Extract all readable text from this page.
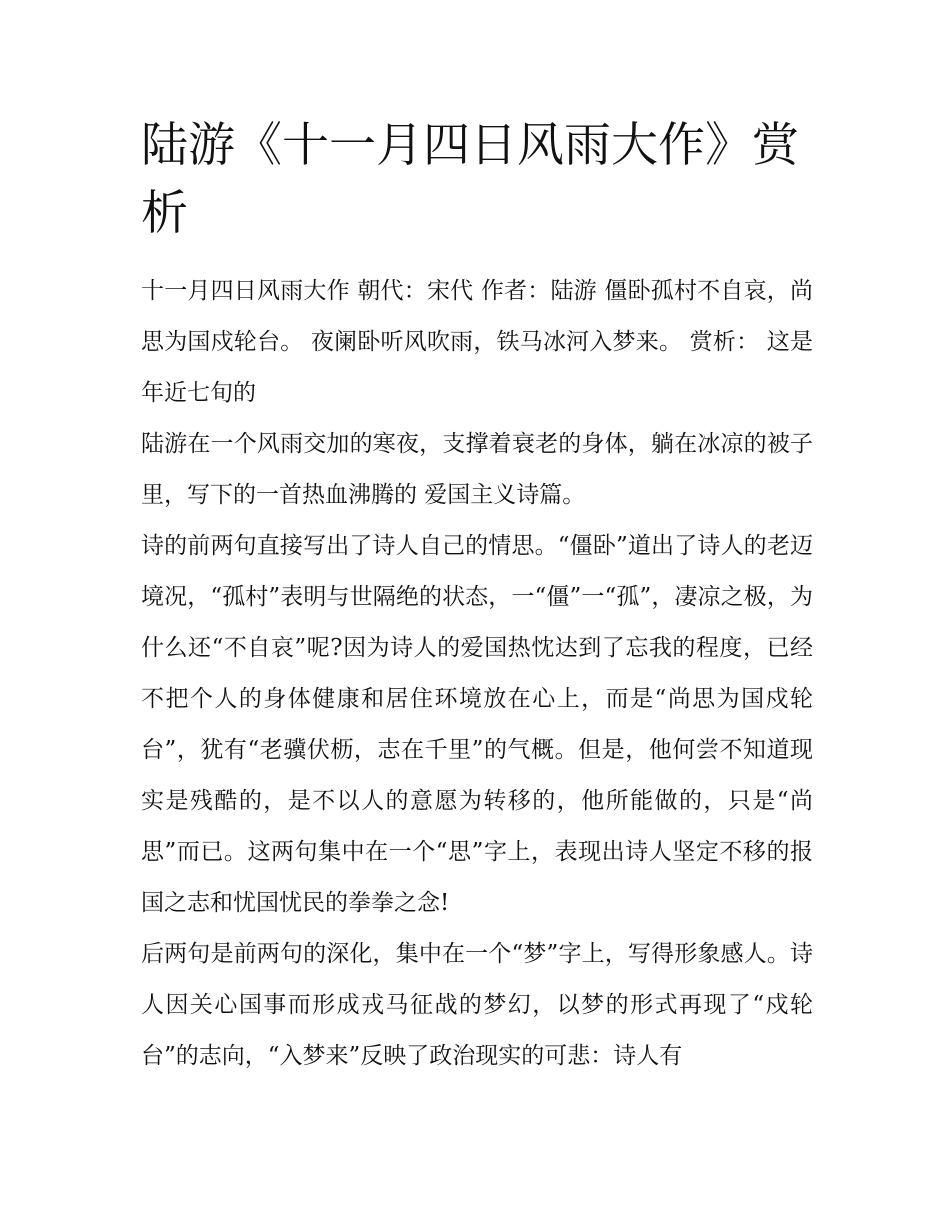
陆游《十一月四日风雨大作》赏析

十一月四日风雨大作 朝代：宋代 作者：陆游 僵卧孤村不自哀，尚思为国戍轮台。 夜阑卧听风吹雨，铁马冰河入梦来。 赏析： 这是年近七旬的

陆游在一个风雨交加的寒夜，支撑着衰老的身体，躺在冰凉的被子里，写下的一首热血沸腾的 爱国主义诗篇。

诗的前两句直接写出了诗人自己的情思。“僵卧”道出了诗人的老迈境况，“孤村”表明与世隔绝的状态，一“僵”一“孤”，凄凉之极，为什么还“不自哀”呢?因为诗人的爱国热忱达到了忘我的程度，已经不把个人的身体健康和居住环境放在心上，而是“尚思为国戍轮台”，犹有“老骥伏枥，志在千里”的气概。但是，他何尝不知道现实是残酷的，是不以人的意愿为转移的，他所能做的，只是“尚思”而已。这两句集中在一个“思”字上，表现出诗人坚定不移的报国之志和忧国忧民的拳拳之念!

后两句是前两句的深化，集中在一个“梦”字上，写得形象感人。诗人因关心国事而形成戎马征战的梦幻，以梦的形式再现了“戍轮台”的志向，“入梦来”反映了政治现实的可悲：诗人有
